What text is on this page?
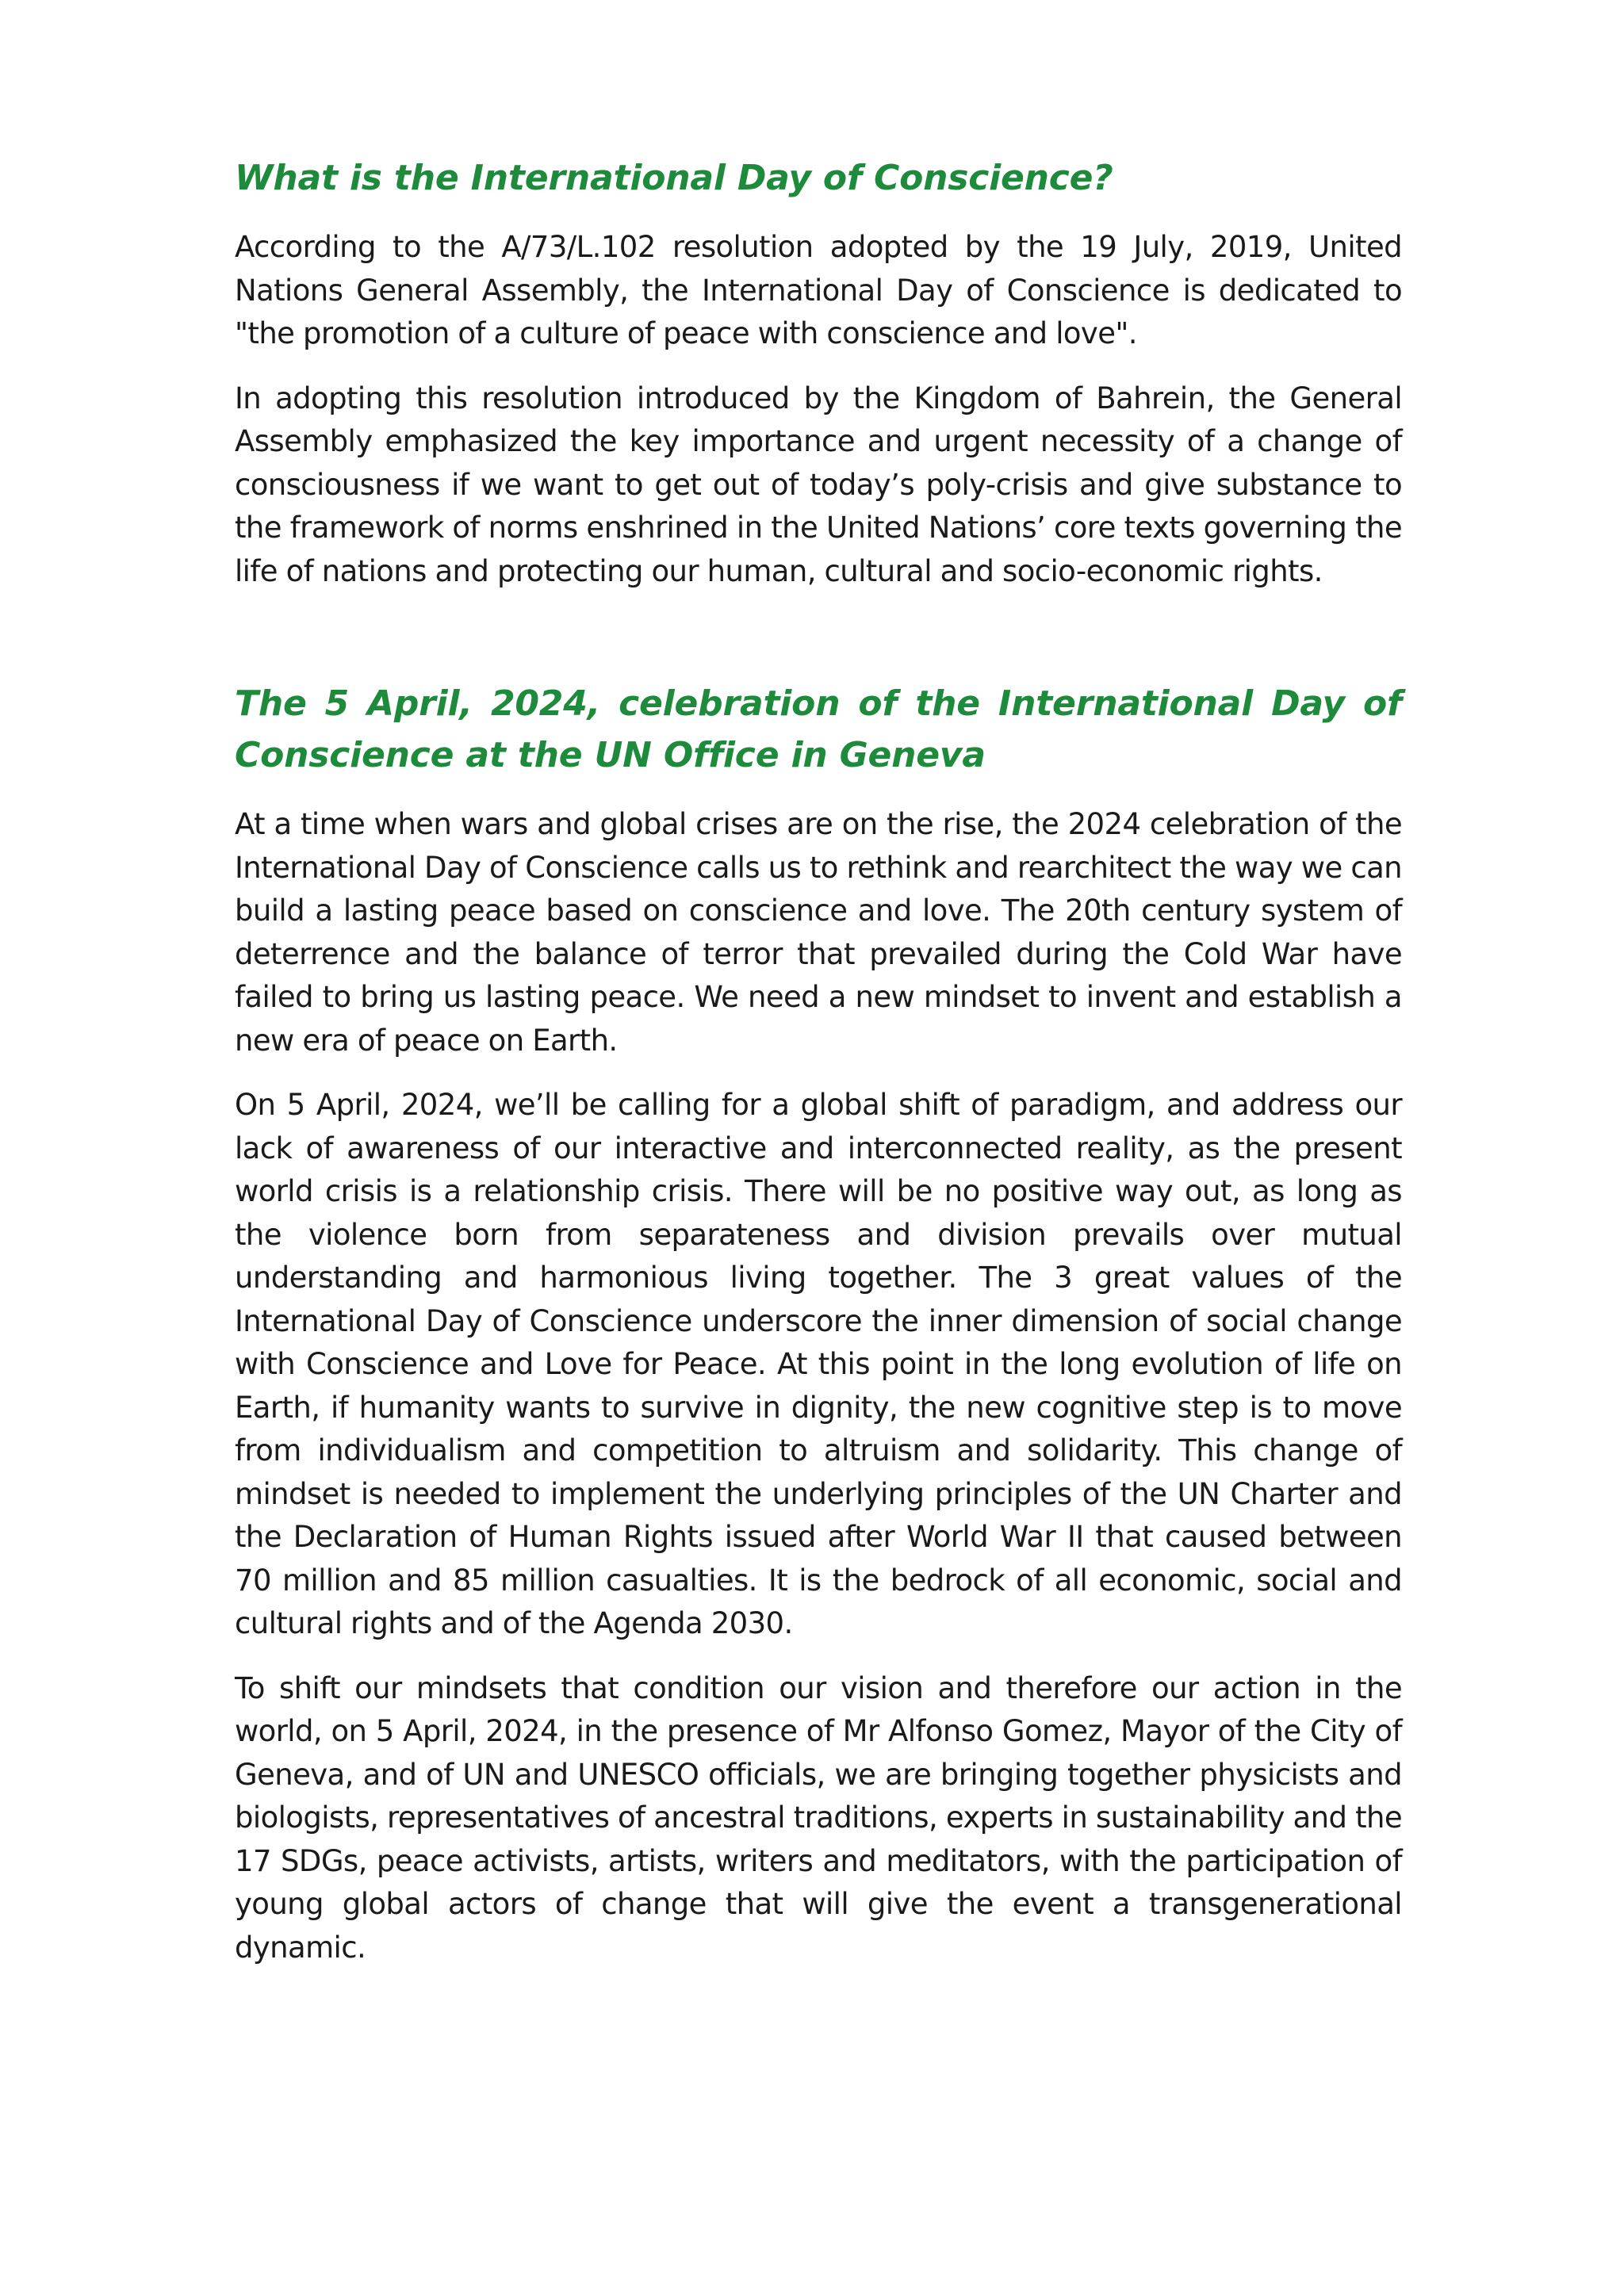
What is the International Day of Conscience?

According to the A/73/L.102 resolution adopted by the 19 July, 2019, United Nations General Assembly, the International Day of Conscience is dedicated to "the promotion of a culture of peace with conscience and love".

In adopting this resolution introduced by the Kingdom of Bahrein, the General Assembly emphasized the key importance and urgent necessity of a change of consciousness if we want to get out of today’s poly-crisis and give substance to the framework of norms enshrined in the United Nations’ core texts governing the life of nations and protecting our human, cultural and socio-economic rights.

The 5 April, 2024, celebration of the International Day of Conscience at the UN Office in Geneva

At a time when wars and global crises are on the rise, the 2024 celebration of the International Day of Conscience calls us to rethink and rearchitect the way we can build a lasting peace based on conscience and love. The 20th century system of deterrence and the balance of terror that prevailed during the Cold War have failed to bring us lasting peace. We need a new mindset to invent and establish a new era of peace on Earth.

On 5 April, 2024, we’ll be calling for a global shift of paradigm, and address our lack of awareness of our interactive and interconnected reality, as the present world crisis is a relationship crisis. There will be no positive way out, as long as the violence born from separateness and division prevails over mutual understanding and harmonious living together. The 3 great values of the International Day of Conscience underscore the inner dimension of social change with Conscience and Love for Peace. At this point in the long evolution of life on Earth, if humanity wants to survive in dignity, the new cognitive step is to move from individualism and competition to altruism and solidarity. This change of mindset is needed to implement the underlying principles of the UN Charter and the Declaration of Human Rights issued after World War II that caused between 70 million and 85 million casualties. It is the bedrock of all economic, social and cultural rights and of the Agenda 2030.

To shift our mindsets that condition our vision and therefore our action in the world, on 5 April, 2024, in the presence of Mr Alfonso Gomez, Mayor of the City of Geneva, and of UN and UNESCO officials, we are bringing together physicists and biologists, representatives of ancestral traditions, experts in sustainability and the 17 SDGs, peace activists, artists, writers and meditators, with the participation of young global actors of change that will give the event a transgenerational dynamic.
